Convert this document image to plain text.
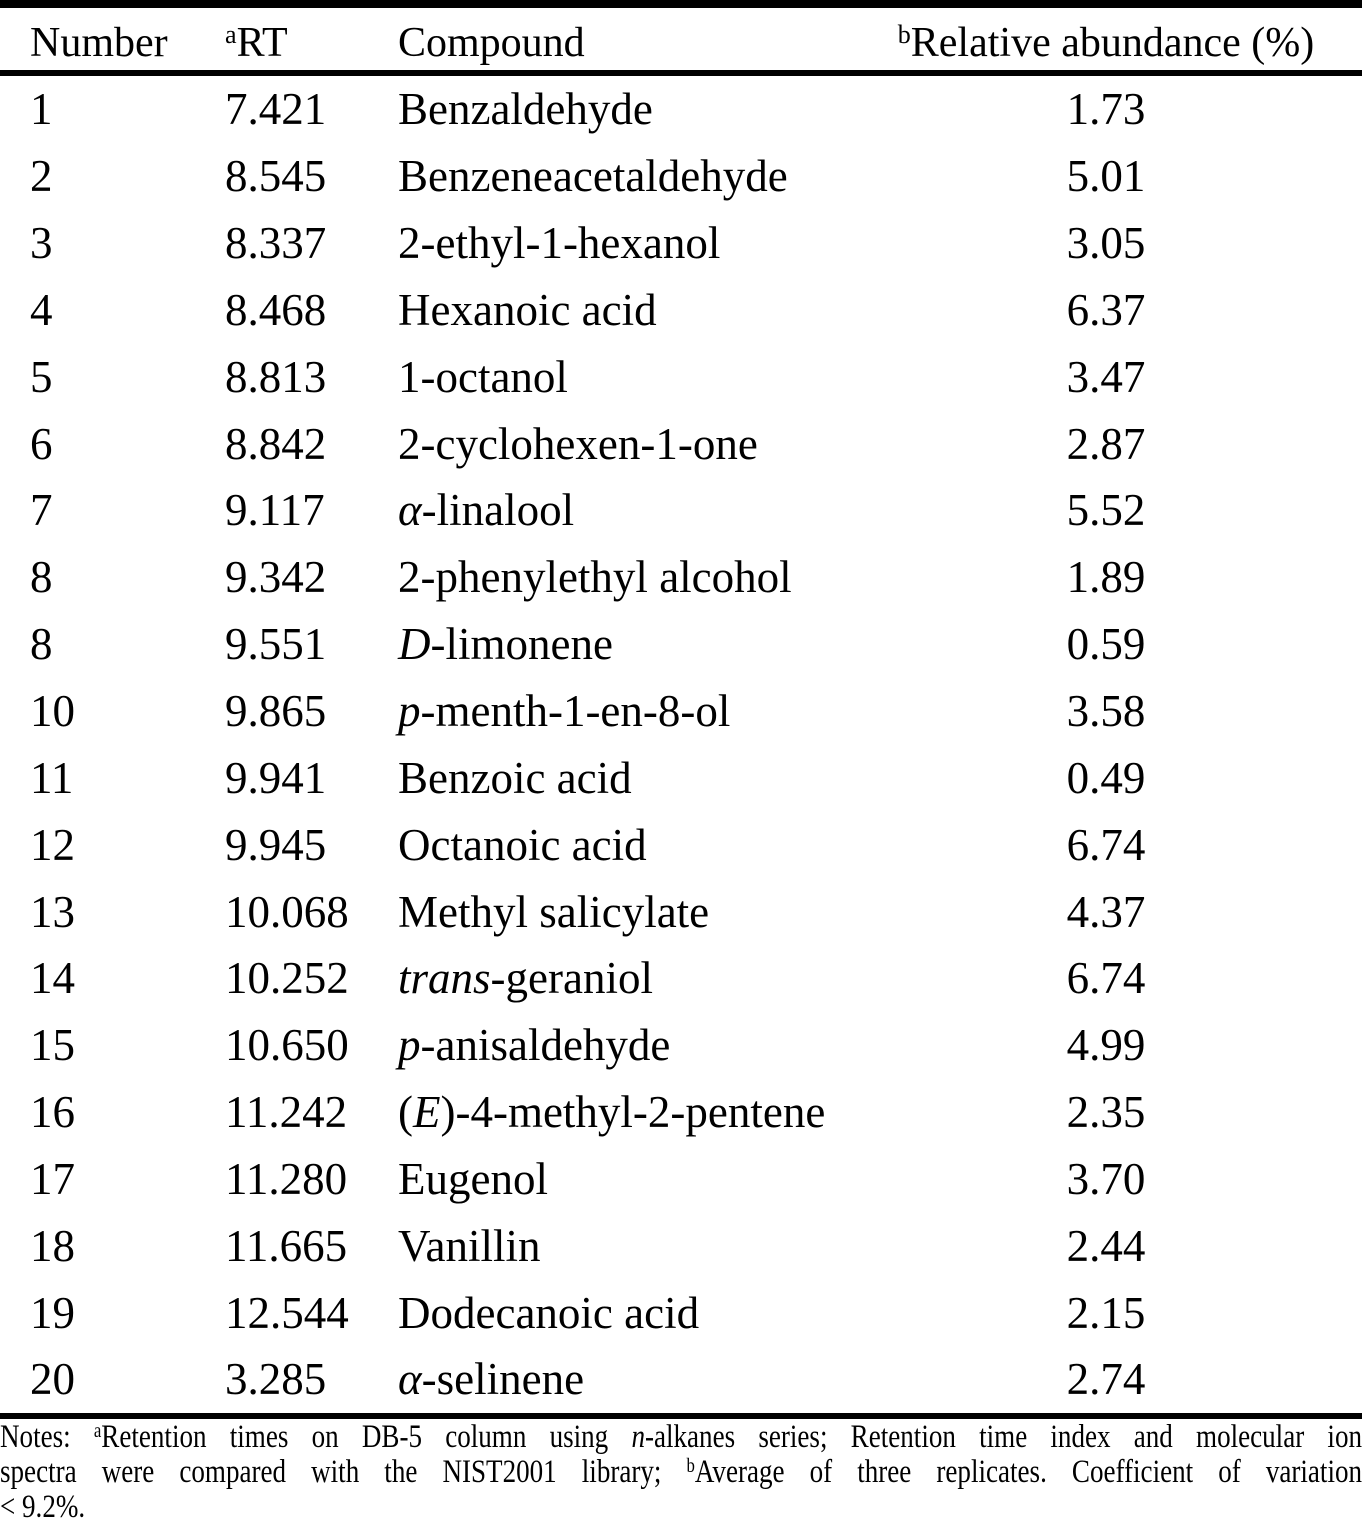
Number	$^a$RT	Compound	$^b$Relative abundance (%)
1	7.421	Benzaldehyde	1.73
2	8.545	Benzeneacetaldehyde	5.01
3	8.337	2-ethyl-1-hexanol	3.05
4	8.468	Hexanoic acid	6.37
5	8.813	1-octanol	3.47
6	8.842	2-cyclohexen-1-one	2.87
7	9.117	α-linalool	5.52
8	9.342	2-phenylethyl alcohol	1.89
8	9.551	D-limonene	0.59
10	9.865	p-menth-1-en-8-ol	3.58
11	9.941	Benzoic acid	0.49
12	9.945	Octanoic acid	6.74
13	10.068	Methyl salicylate	4.37
14	10.252	trans-geraniol	6.74
15	10.650	p-anisaldehyde	4.99
16	11.242	(E)-4-methyl-2-pentene	2.35
17	11.280	Eugenol	3.70
18	11.665	Vanillin	2.44
19	12.544	Dodecanoic acid	2.15
20	3.285	α-selinene	2.74
Notes: $^a$Retention times on DB-5 column using n-alkanes series; Retention time index and molecular ion
spectra were compared with the NIST2001 library; $^b$Average of three replicates. Coefficient of variation
< 9.2%.
